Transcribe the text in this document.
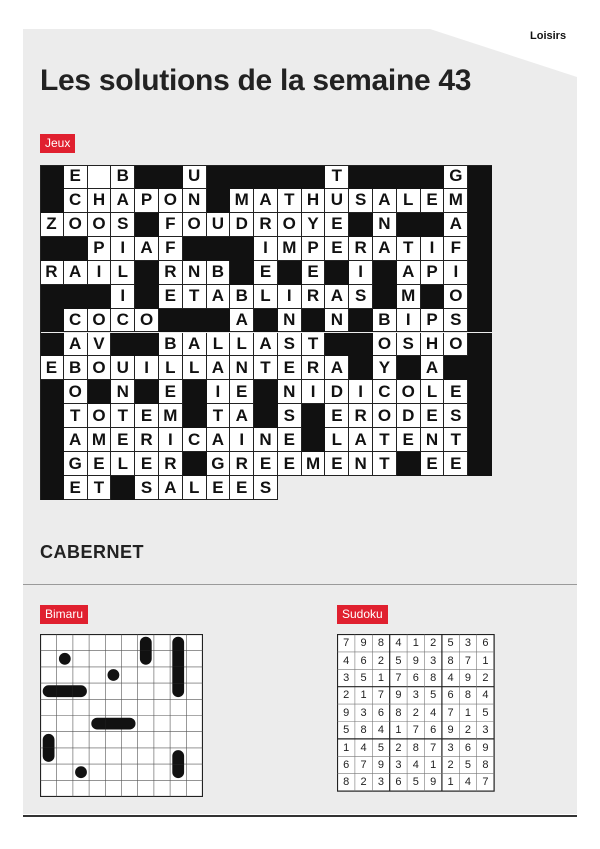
Loisirs
Les solutions de la semaine 43
Jeux
E	B	U	T	G
C H A P O N	M A T H U S A L E M
Z O O S	F O U D R O Y E	N	A
P I A F	I M P E R A T I F
R A I L	R N B	E	E	I	A P I
I	E T A B L I R A S	M	O
C O C O	A	N	N	B I P S
A V	B A L L A S T	O S H O
E B O U I L L A N T E R A	Y	A
O	N	E	I E	N I D I C O L E
T O T E M	T A	S	E R O D E S
A M E R I C A I N E	L A T E N T
G E L E R	G R E E M E N T	E E
E T	S A L E E S
CABERNET
Bimaru	Sudoku
7	9	8	4	1	2	5	3	6
4	6	2	5	9	3	8	7	1
3	5	1	7	6	8	4	9	2
2	1	7	9	3	5	6	8	4
9	3	6	8	2	4	7	1	5
5	8	4	1	7	6	9	2	3
1	4	5	2	8	7	3	6	9
6	7	9	3	4	1	2	5	8
8	2	3	6	5	9	1	4	7
